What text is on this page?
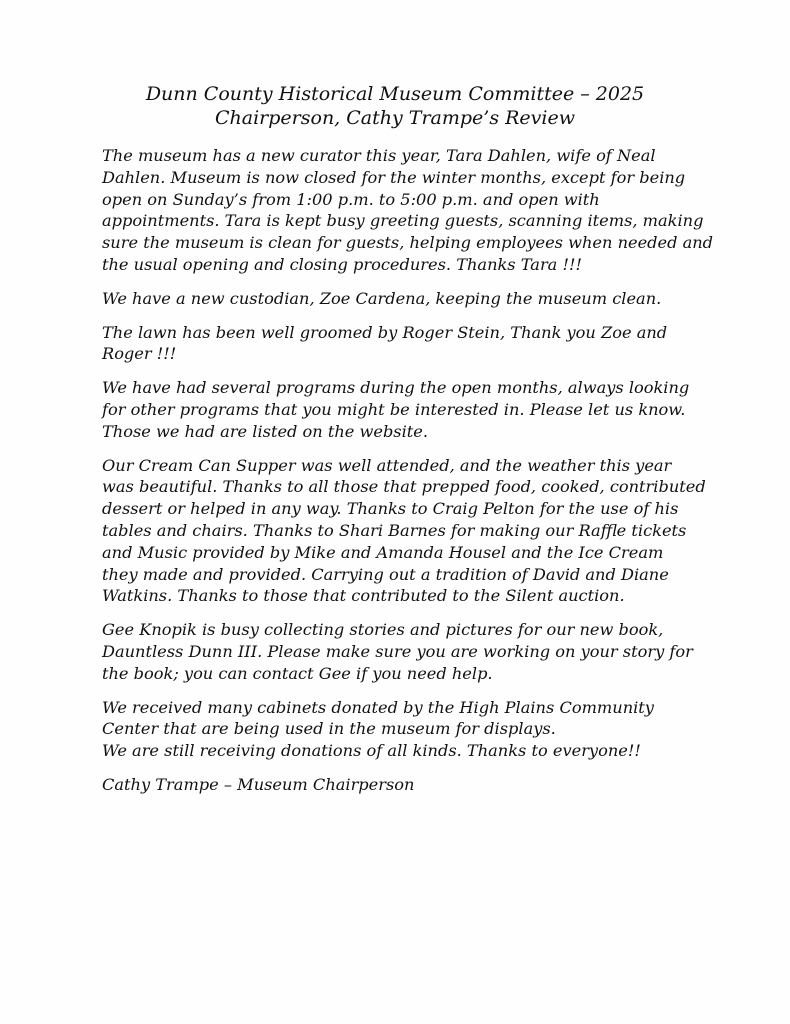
Dunn County Historical Museum Committee – 2025
Chairperson, Cathy Trampe’s Review

The museum has a new curator this year, Tara Dahlen, wife of Neal
Dahlen. Museum is now closed for the winter months, except for being
open on Sunday’s from 1:00 p.m. to 5:00 p.m. and open with
appointments. Tara is kept busy greeting guests, scanning items, making
sure the museum is clean for guests, helping employees when needed and
the usual opening and closing procedures. Thanks Tara !!!

We have a new custodian, Zoe Cardena, keeping the museum clean.

The lawn has been well groomed by Roger Stein, Thank you Zoe and
Roger !!!

We have had several programs during the open months, always looking
for other programs that you might be interested in. Please let us know.
Those we had are listed on the website.

Our Cream Can Supper was well attended, and the weather this year
was beautiful. Thanks to all those that prepped food, cooked, contributed
dessert or helped in any way. Thanks to Craig Pelton for the use of his
tables and chairs. Thanks to Shari Barnes for making our Raffle tickets
and Music provided by Mike and Amanda Housel and the Ice Cream
they made and provided. Carrying out a tradition of David and Diane
Watkins. Thanks to those that contributed to the Silent auction.

Gee Knopik is busy collecting stories and pictures for our new book,
Dauntless Dunn III. Please make sure you are working on your story for
the book; you can contact Gee if you need help.

We received many cabinets donated by the High Plains Community
Center that are being used in the museum for displays.
We are still receiving donations of all kinds. Thanks to everyone!!

Cathy Trampe – Museum Chairperson
